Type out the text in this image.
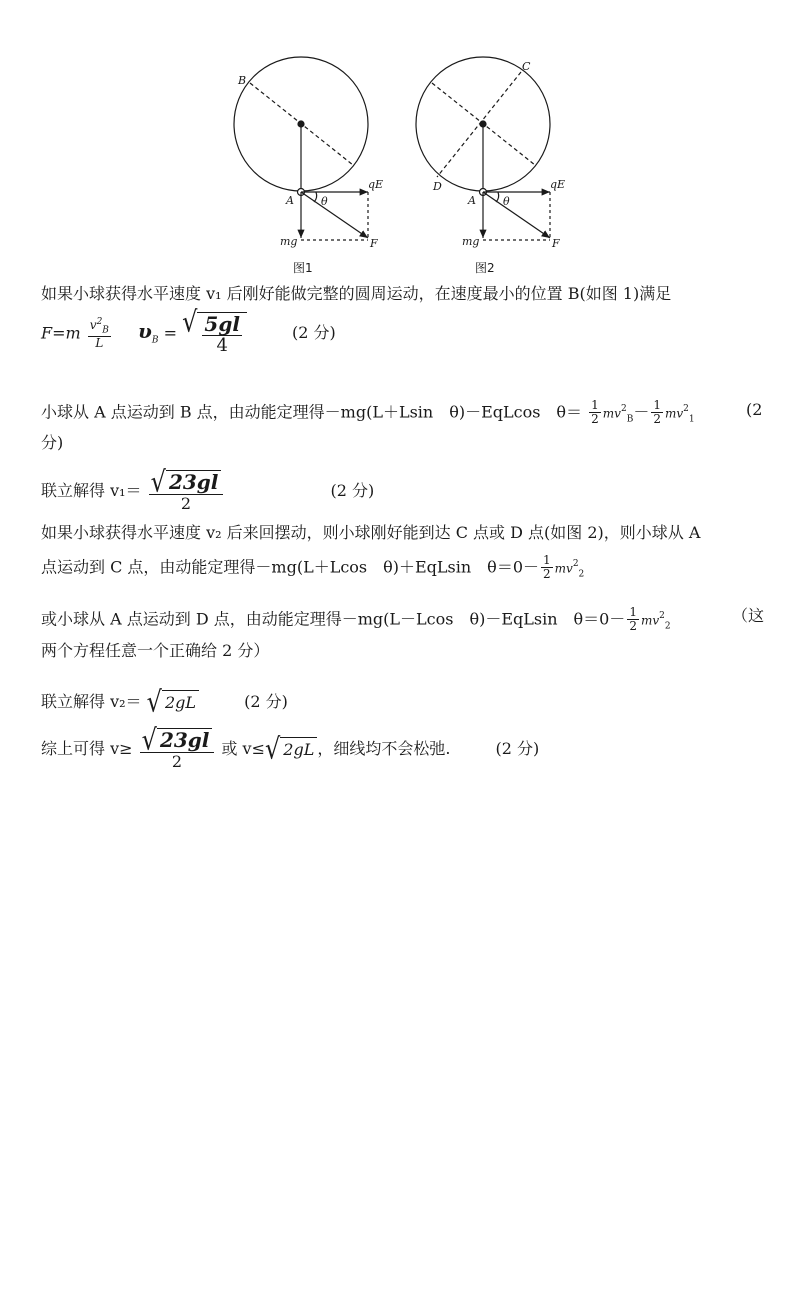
B
A
qE
θ
mg	F
图1
C
D
A
qE
θ
mg	F
图2
如果小球获得水平速度 v₁ 后刚好能做完整的圆周运动，在速度最小的位置 B(如图 1)满足
$F=m \frac{v^2_B}{L} \upsilon_B$ = √ $\frac{5gl}{4}$	(2 分)
小球从 A 点运动到 B 点，由动能定理得－mg(L＋Lsin　θ)－EqLcos　$\theta= \frac{1}{2} mv^2_B- \frac{1}{2} mv^2_1$
(2
分)
联立解得 $v_1= \frac{√ 23gl}{2}$	(2 分)
如果小球获得水平速度 v₂ 后来回摆动，则小球刚好能到达 C 点或 D 点(如图 2)，则小球从 A
点运动到 C 点，由动能定理得－mg(L＋Lcos　θ)＋EqLsin　$\theta=0- \frac{1}{2} mv^2_2$
或小球从 A 点运动到 D 点，由动能定理得－mg(L－Lcos　θ)－EqLsin　$\theta=0- \frac{1}{2} mv^2_2$
（这
两个方程任意一个正确给 2 分）
联立解得 v₂＝ √ 2gL	(2 分)
综上可得 $v\ge \frac{√ 23gl}{2}$ 或 v≤ √ 2gL ，细线均不会松弛.	(2 分)
